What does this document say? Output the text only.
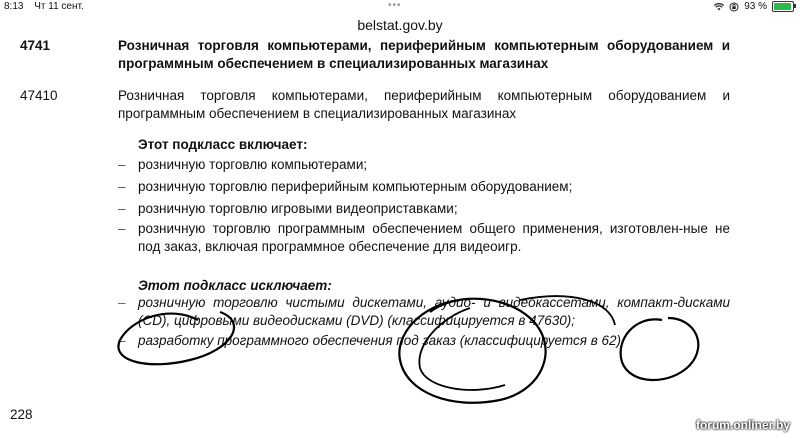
8:13 Чт 11 сент.	•••	93 %
belstat.gov.by
4741	Розничная торговля компьютерами, периферийным компьютерным оборудованием и программным обеспечением в специализированных магазинах
47410	Розничная торговля компьютерами, периферийным компьютерным оборудованием и программным обеспечением в специализированных магазинах
Этот подкласс включает:
– розничную торговлю компьютерами;
– розничную торговлю периферийным компьютерным оборудованием;
– розничную торговлю игровыми видеоприставками;
– розничную торговлю программным обеспечением общего применения, изготовлен-ные не под заказ, включая программное обеспечение для видеоигр.
Этот подкласс исключает:
– розничную торговлю чистыми дискетами, аудио- и видеокассетами, компакт-дисками (CD), цифровыми видеодисками (DVD) (классифицируется в 47630);
– разработку программного обеспечения под заказ (классифицируется в 62).
228
forum.onliner.by
